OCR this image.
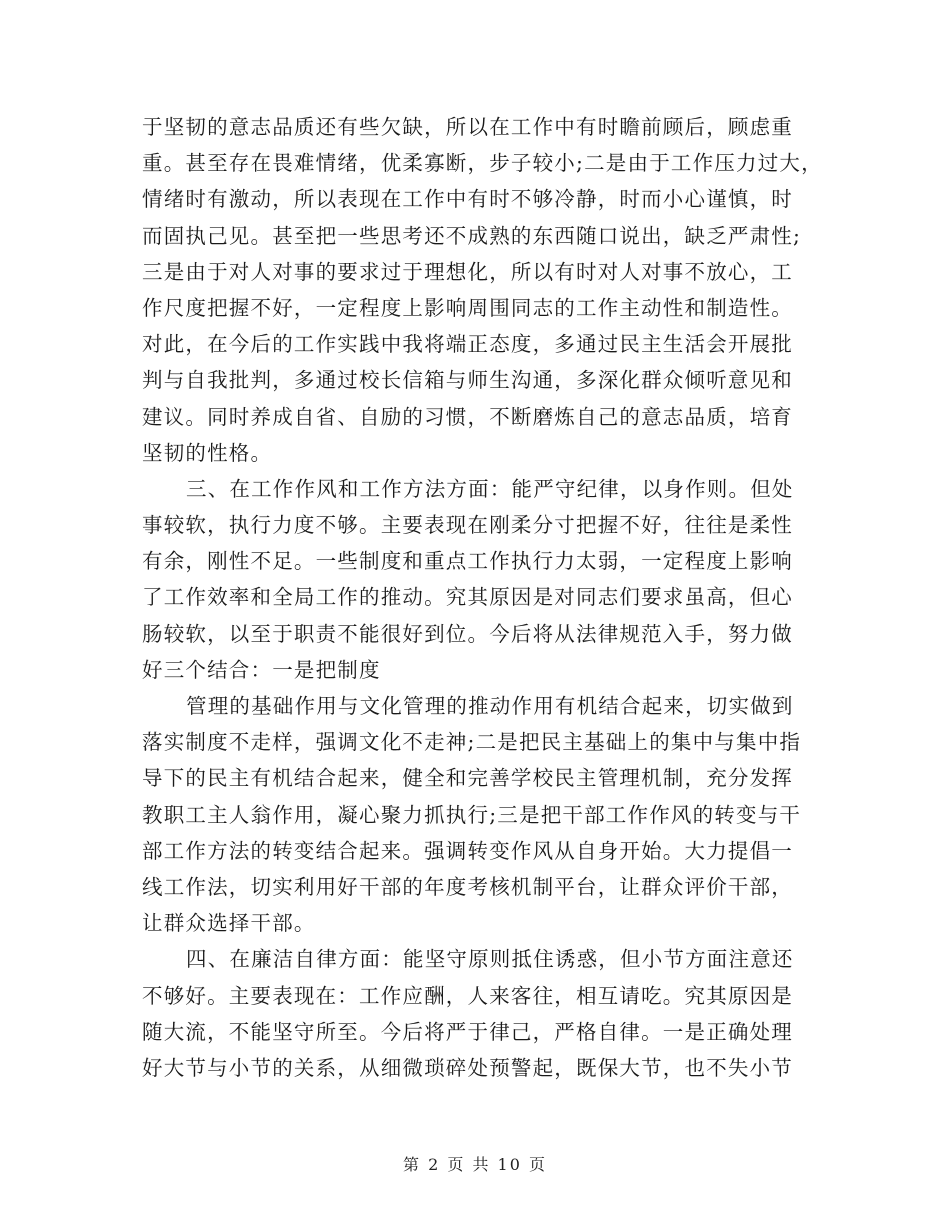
于坚韧的意志品质还有些欠缺，所以在工作中有时瞻前顾后，顾虑重
重。甚至存在畏难情绪，优柔寡断，步子较小;二是由于工作压力过大，
情绪时有激动，所以表现在工作中有时不够冷静，时而小心谨慎，时
而固执己见。甚至把一些思考还不成熟的东西随口说出，缺乏严肃性;
三是由于对人对事的要求过于理想化，所以有时对人对事不放心，工
作尺度把握不好，一定程度上影响周围同志的工作主动性和制造性。
对此，在今后的工作实践中我将端正态度，多通过民主生活会开展批
判与自我批判，多通过校长信箱与师生沟通，多深化群众倾听意见和
建议。同时养成自省、自励的习惯，不断磨炼自己的意志品质，培育
坚韧的性格。
三、在工作作风和工作方法方面：能严守纪律，以身作则。但处
事较软，执行力度不够。主要表现在刚柔分寸把握不好，往往是柔性
有余，刚性不足。一些制度和重点工作执行力太弱，一定程度上影响
了工作效率和全局工作的推动。究其原因是对同志们要求虽高，但心
肠较软，以至于职责不能很好到位。今后将从法律规范入手，努力做
好三个结合：一是把制度
管理的基础作用与文化管理的推动作用有机结合起来，切实做到
落实制度不走样，强调文化不走神;二是把民主基础上的集中与集中指
导下的民主有机结合起来，健全和完善学校民主管理机制，充分发挥
教职工主人翁作用，凝心聚力抓执行;三是把干部工作作风的转变与干
部工作方法的转变结合起来。强调转变作风从自身开始。大力提倡一
线工作法，切实利用好干部的年度考核机制平台，让群众评价干部，
让群众选择干部。
四、在廉洁自律方面：能坚守原则抵住诱惑，但小节方面注意还
不够好。主要表现在：工作应酬，人来客往，相互请吃。究其原因是
随大流，不能坚守所至。今后将严于律己，严格自律。一是正确处理
好大节与小节的关系，从细微琐碎处预警起，既保大节，也不失小节
第 2 页 共 10 页
